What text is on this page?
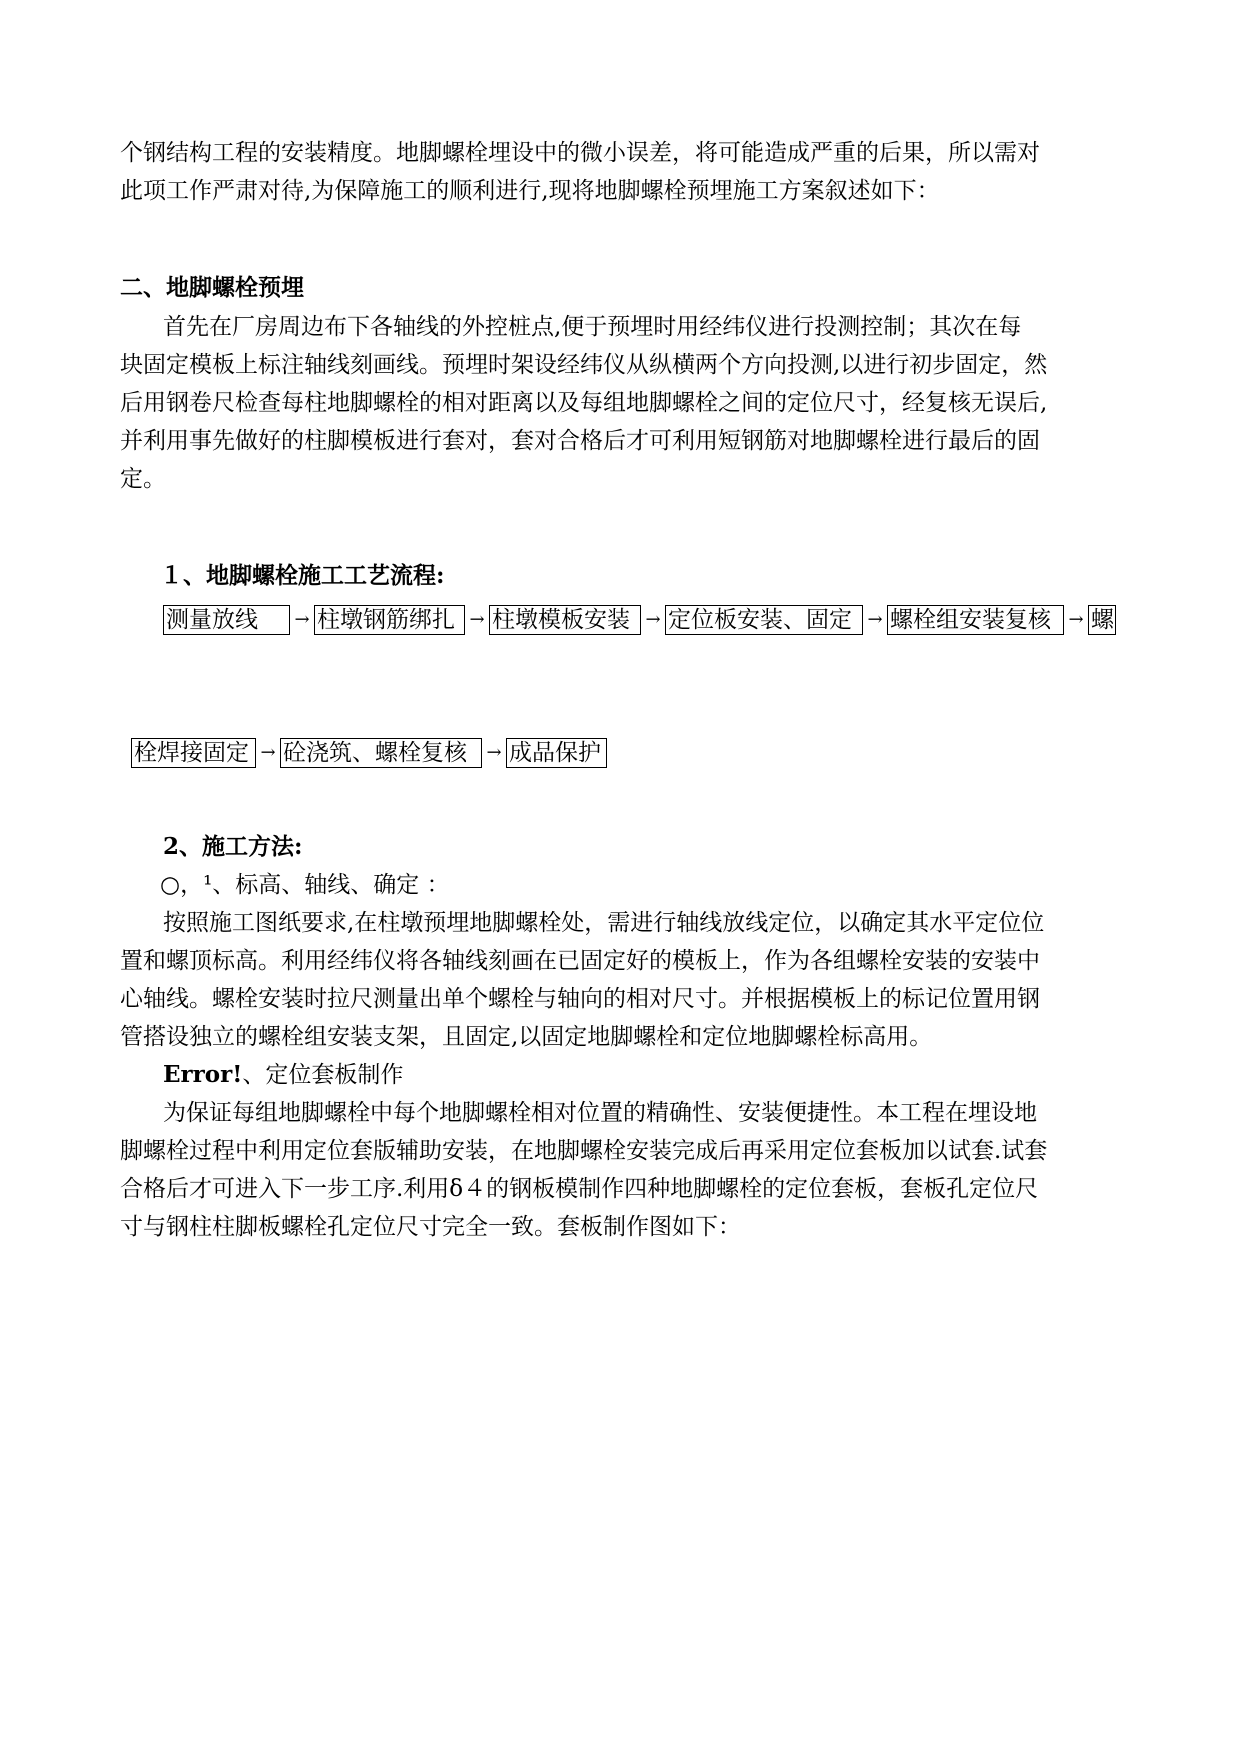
个钢结构工程的安装精度。地脚螺栓埋设中的微小误差，将可能造成严重的后果，所以需对
此项工作严肃对待,为保障施工的顺利进行,现将地脚螺栓预埋施工方案叙述如下：
二、地脚螺栓预埋
首先在厂房周边布下各轴线的外控桩点,便于预埋时用经纬仪进行投测控制；其次在每
块固定模板上标注轴线刻画线。预埋时架设经纬仪从纵横两个方向投测,以进行初步固定，然
后用钢卷尺检查每柱地脚螺栓的相对距离以及每组地脚螺栓之间的定位尺寸，经复核无误后,
并利用事先做好的柱脚模板进行套对，套对合格后才可利用短钢筋对地脚螺栓进行最后的固
定。
１、地脚螺栓施工工艺流程:
测量放线	→ 柱墩钢筋绑扎 → 柱墩模板安装 → 定位板安装、固定 → 螺栓组安装复核 → 螺
栓焊接固定 → 砼浇筑、螺栓复核	→ 成品保护
2、施工方法:
○，¹、标高、轴线、确定 ：
按照施工图纸要求,在柱墩预埋地脚螺栓处，需进行轴线放线定位，以确定其水平定位位
置和螺顶标高。利用经纬仪将各轴线刻画在已固定好的模板上，作为各组螺栓安装的安装中
心轴线。螺栓安装时拉尺测量出单个螺栓与轴向的相对尺寸。并根据模板上的标记位置用钢
管搭设独立的螺栓组安装支架，且固定,以固定地脚螺栓和定位地脚螺栓标高用。
Error!、定位套板制作
为保证每组地脚螺栓中每个地脚螺栓相对位置的精确性、安装便捷性。本工程在埋设地
脚螺栓过程中利用定位套版辅助安装，在地脚螺栓安装完成后再采用定位套板加以试套.试套
合格后才可进入下一步工序.利用δ４的钢板模制作四种地脚螺栓的定位套板，套板孔定位尺
寸与钢柱柱脚板螺栓孔定位尺寸完全一致。套板制作图如下：
